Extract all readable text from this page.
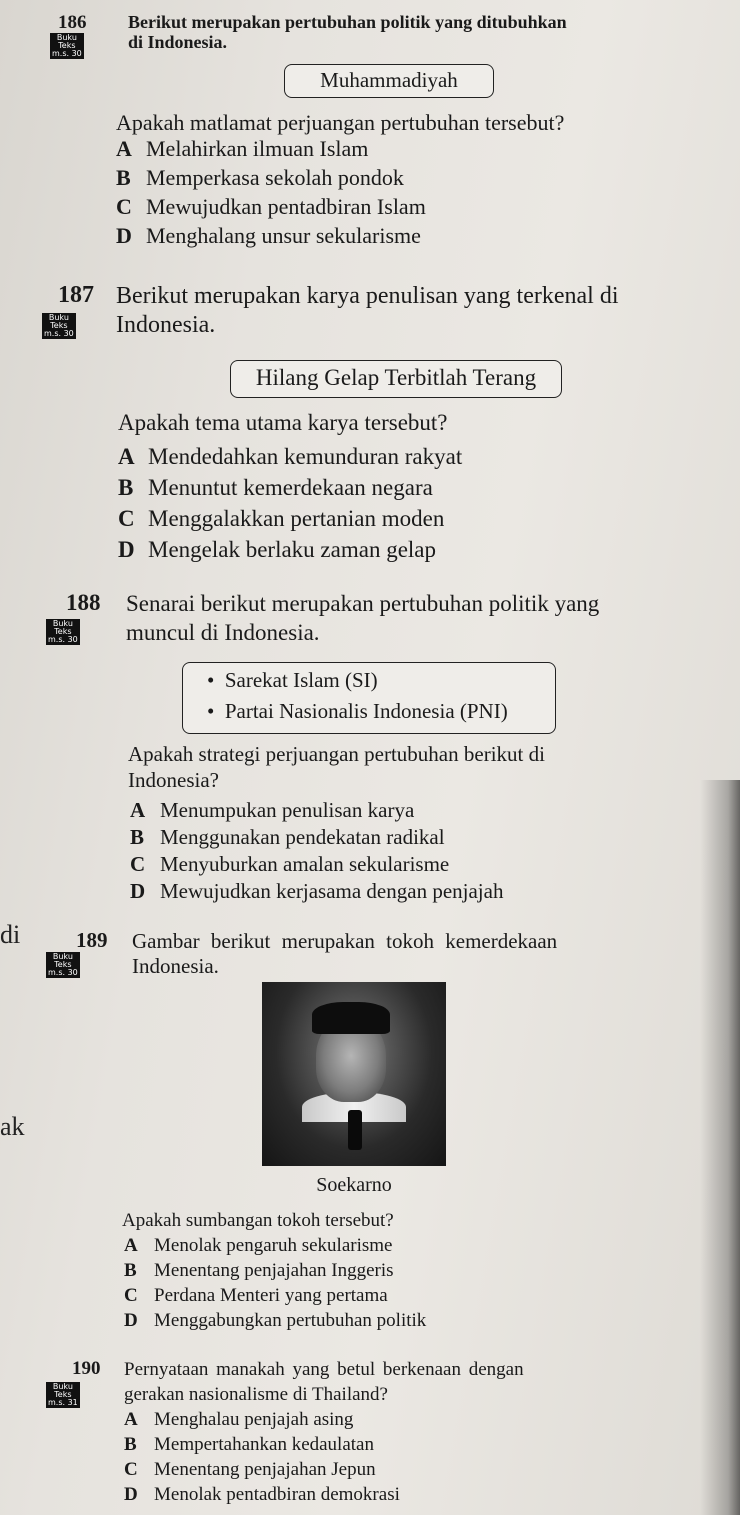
di
ak
186
Buku
Teks
m.s. 30
Berikut merupakan pertubuhan politik yang ditubuhkan
di Indonesia.
Muhammadiyah
Apakah matlamat perjuangan pertubuhan tersebut?
A Melahirkan ilmuan Islam
B Memperkasa sekolah pondok
C Mewujudkan pentadbiran Islam
D Menghalang unsur sekularisme
187
Buku
Teks
m.s. 30
Berikut merupakan karya penulisan yang terkenal di
Indonesia.
Hilang Gelap Terbitlah Terang
Apakah tema utama karya tersebut?
A Mendedahkan kemunduran rakyat
B Menuntut kemerdekaan negara
C Menggalakkan pertanian moden
D Mengelak berlaku zaman gelap
188
Buku
Teks
m.s. 30
Senarai berikut merupakan pertubuhan politik yang
muncul di Indonesia.
•  Sarekat Islam (SI)
•  Partai Nasionalis Indonesia (PNI)
Apakah strategi perjuangan pertubuhan berikut di
Indonesia?
A Menumpukan penulisan karya
B Menggunakan pendekatan radikal
C Menyuburkan amalan sekularisme
D Mewujudkan kerjasama dengan penjajah
189
Buku
Teks
m.s. 30
Gambar berikut merupakan tokoh kemerdekaan
Indonesia.
Soekarno
Apakah sumbangan tokoh tersebut?
A Menolak pengaruh sekularisme
B Menentang penjajahan Inggeris
C Perdana Menteri yang pertama
D Menggabungkan pertubuhan politik
190
Buku
Teks
m.s. 31
Pernyataan manakah yang betul berkenaan dengan
gerakan nasionalisme di Thailand?
A Menghalau penjajah asing
B Mempertahankan kedaulatan
C Menentang penjajahan Jepun
D Menolak pentadbiran demokrasi
